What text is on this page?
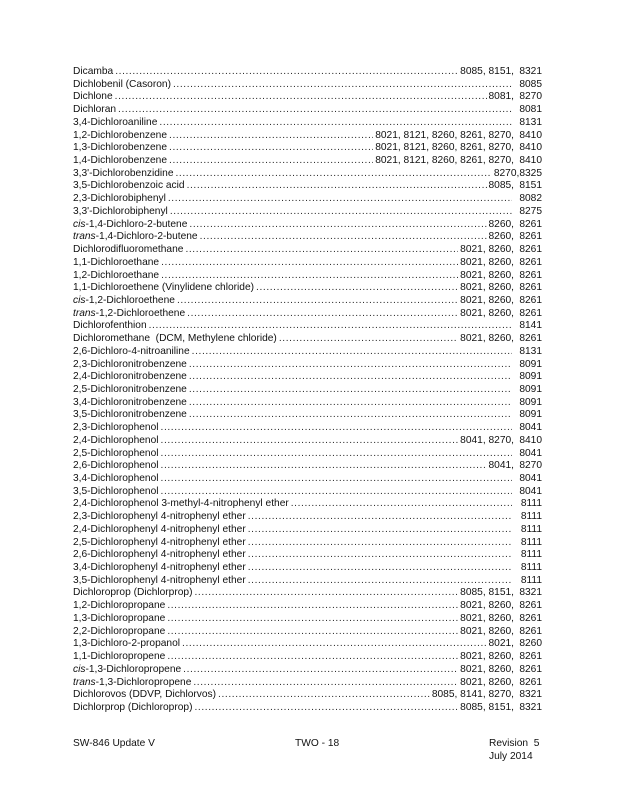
Dicamba .....	8085, 8151, 8321
Dichlobenil (Casoron) .....	8085
Dichlone .....	8081, 8270
Dichloran .....	8081
3,4-Dichloroaniline .....	8131
1,2-Dichlorobenzene .....	8021, 8121, 8260, 8261, 8270, 8410
1,3-Dichlorobenzene .....	8021, 8121, 8260, 8261, 8270, 8410
1,4-Dichlorobenzene .....	8021, 8121, 8260, 8261, 8270, 8410
3,3'-Dichlorobenzidine .....	8270,8325
3,5-Dichlorobenzoic acid .....	8085, 8151
2,3-Dichlorobiphenyl .....	8082
3,3'-Dichlorobiphenyl .....	8275
cis-1,4-Dichloro-2-butene .....	8260, 8261
trans-1,4-Dichloro-2-butene .....	8260, 8261
Dichlorodifluoromethane .....	8021, 8260, 8261
1,1-Dichloroethane .....	8021, 8260, 8261
1,2-Dichloroethane .....	8021, 8260, 8261
1,1-Dichloroethene (Vinylidene chloride) .....	8021, 8260, 8261
cis-1,2-Dichloroethene .....	8021, 8260, 8261
trans-1,2-Dichloroethene .....	8021, 8260, 8261
Dichlorofenthion .....	8141
Dichloromethane  (DCM, Methylene chloride) .....	8021, 8260, 8261
2,6-Dichloro-4-nitroaniline .....	8131
2,3-Dichloronitrobenzene .....	8091
2,4-Dichloronitrobenzene .....	8091
2,5-Dichloronitrobenzene .....	8091
3,4-Dichloronitrobenzene .....	8091
3,5-Dichloronitrobenzene .....	8091
2,3-Dichlorophenol .....	8041
2,4-Dichlorophenol .....	8041, 8270, 8410
2,5-Dichlorophenol .....	8041
2,6-Dichlorophenol .....	8041, 8270
3,4-Dichlorophenol .....	8041
3,5-Dichlorophenol .....	8041
2,4-Dichlorophenol 3-methyl-4-nitrophenyl ether .....	8111
2,3-Dichlorophenyl 4-nitrophenyl ether .....	8111
2,4-Dichlorophenyl 4-nitrophenyl ether .....	8111
2,5-Dichlorophenyl 4-nitrophenyl ether .....	8111
2,6-Dichlorophenyl 4-nitrophenyl ether .....	8111
3,4-Dichlorophenyl 4-nitrophenyl ether .....	8111
3,5-Dichlorophenyl 4-nitrophenyl ether .....	8111
Dichloroprop (Dichlorprop) .....	8085, 8151, 8321
1,2-Dichloropropane .....	8021, 8260, 8261
1,3-Dichloropropane .....	8021, 8260, 8261
2,2-Dichloropropane .....	8021, 8260, 8261
1,3-Dichloro-2-propanol .....	8021, 8260
1,1-Dichloropropene .....	8021, 8260, 8261
cis-1,3-Dichloropropene .....	8021, 8260, 8261
trans-1,3-Dichloropropene .....	8021, 8260, 8261
Dichlorovos (DDVP, Dichlorvos) .....	8085, 8141, 8270, 8321
Dichlorprop (Dichloroprop) .....	8085, 8151, 8321
SW-846 Update V	TWO - 18	Revision  5
July 2014
